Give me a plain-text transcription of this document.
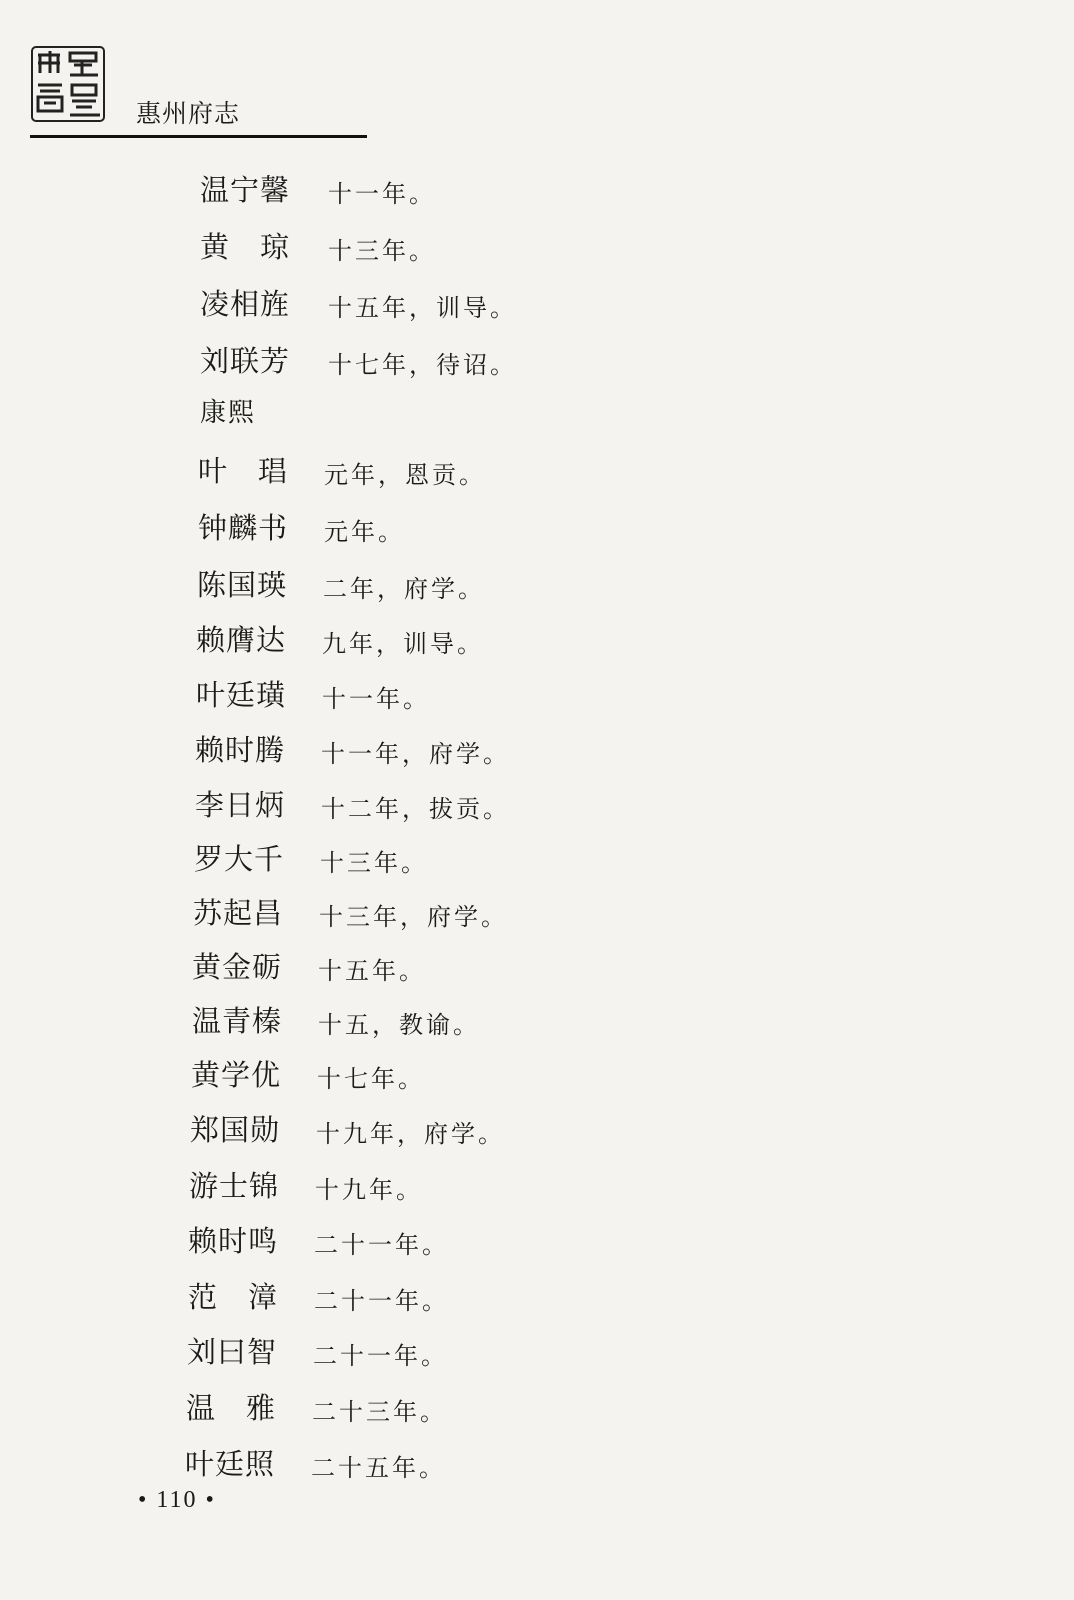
惠州府志
温宁馨 十一年。
黄　琼 十三年。
凌相旌 十五年，训导。
刘联芳 十七年，待诏。
康熙
叶　琩 元年，恩贡。
钟麟书 元年。
陈国瑛 二年，府学。
赖膺达 九年，训导。
叶廷璜 十一年。
赖时腾 十一年，府学。
李日炳 十二年，拔贡。
罗大千 十三年。
苏起昌 十三年，府学。
黄金砺 十五年。
温青榛 十五，教谕。
黄学优 十七年。
郑国勋 十九年，府学。
游士锦 十九年。
赖时鸣 二十一年。
范　漳 二十一年。
刘曰智 二十一年。
温　雅 二十三年。
叶廷照 二十五年。
• 110 •
